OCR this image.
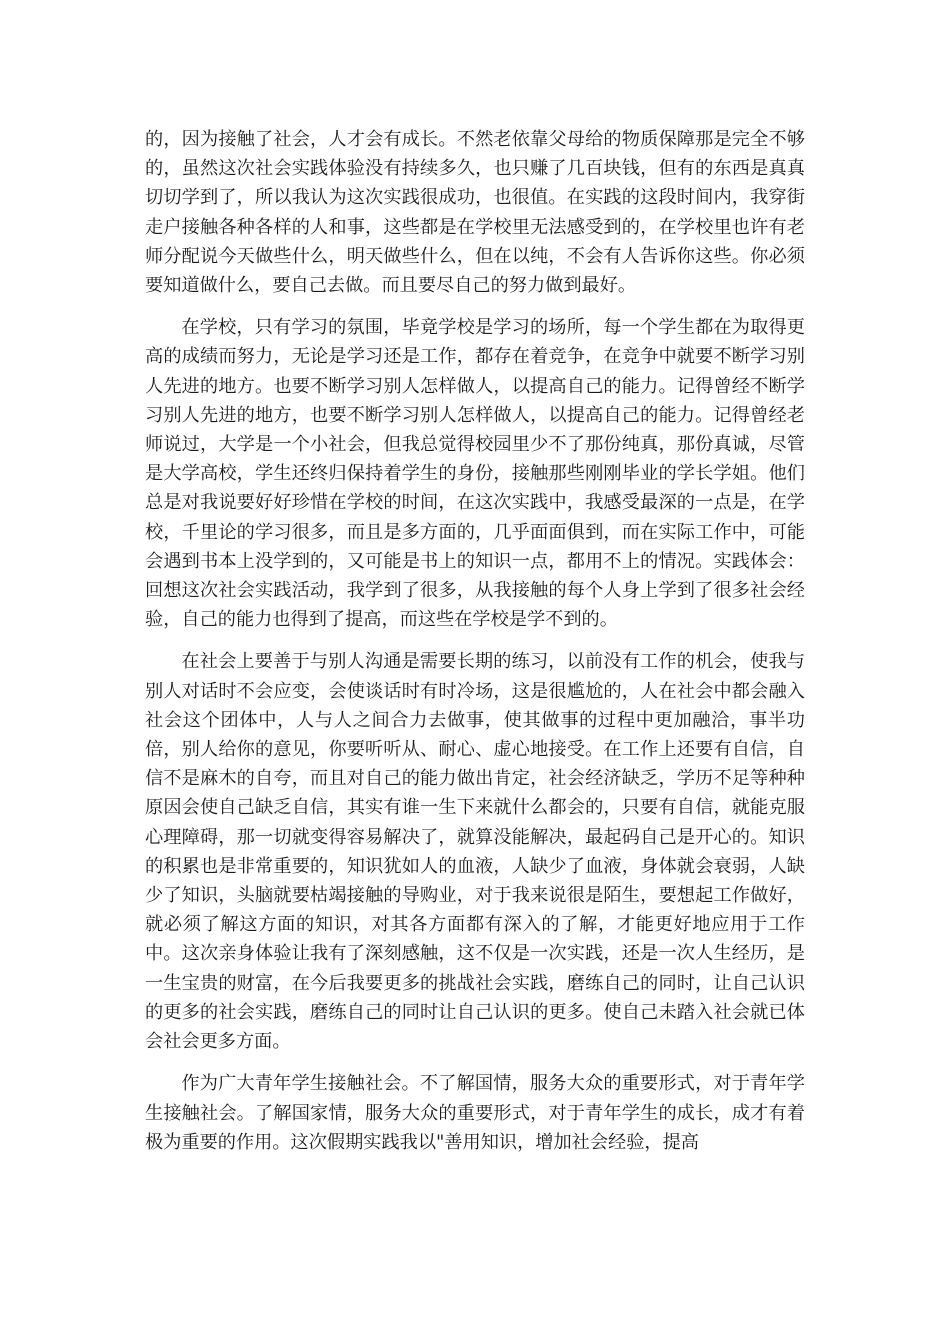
的，因为接触了社会，人才会有成长。不然老依靠父母给的物质保障那是完全不够的，虽然这次社会实践体验没有持续多久，也只赚了几百块钱，但有的东西是真真切切学到了，所以我认为这次实践很成功，也很值。在实践的这段时间内，我穿街走户接触各种各样的人和事，这些都是在学校里无法感受到的，在学校里也许有老师分配说今天做些什么，明天做些什么，但在以纯，不会有人告诉你这些。你必须要知道做什么，要自己去做。而且要尽自己的努力做到最好。

在学校，只有学习的氛围，毕竟学校是学习的场所，每一个学生都在为取得更高的成绩而努力，无论是学习还是工作，都存在着竞争，在竞争中就要不断学习别人先进的地方。也要不断学习别人怎样做人，以提高自己的能力。记得曾经不断学习别人先进的地方，也要不断学习别人怎样做人，以提高自己的能力。记得曾经老师说过，大学是一个小社会，但我总觉得校园里少不了那份纯真，那份真诚，尽管是大学高校，学生还终归保持着学生的身份，接触那些刚刚毕业的学长学姐。他们总是对我说要好好珍惜在学校的时间，在这次实践中，我感受最深的一点是，在学校，千里论的学习很多，而且是多方面的，几乎面面俱到，而在实际工作中，可能会遇到书本上没学到的，又可能是书上的知识一点，都用不上的情况。实践体会：回想这次社会实践活动，我学到了很多，从我接触的每个人身上学到了很多社会经验，自己的能力也得到了提高，而这些在学校是学不到的。

在社会上要善于与别人沟通是需要长期的练习，以前没有工作的机会，使我与别人对话时不会应变，会使谈话时有时冷场，这是很尴尬的，人在社会中都会融入社会这个团体中，人与人之间合力去做事，使其做事的过程中更加融洽，事半功倍，别人给你的意见，你要听听从、耐心、虚心地接受。在工作上还要有自信，自信不是麻木的自夸，而且对自己的能力做出肯定，社会经济缺乏，学历不足等种种原因会使自己缺乏自信，其实有谁一生下来就什么都会的，只要有自信，就能克服心理障碍，那一切就变得容易解决了，就算没能解决，最起码自己是开心的。知识的积累也是非常重要的，知识犹如人的血液，人缺少了血液，身体就会衰弱，人缺少了知识，头脑就要枯竭接触的导购业，对于我来说很是陌生，要想起工作做好，就必须了解这方面的知识，对其各方面都有深入的了解，才能更好地应用于工作中。这次亲身体验让我有了深刻感触，这不仅是一次实践，还是一次人生经历，是一生宝贵的财富，在今后我要更多的挑战社会实践，磨练自己的同时，让自己认识的更多的社会实践，磨练自己的同时让自己认识的更多。使自己未踏入社会就已体会社会更多方面。

作为广大青年学生接触社会。不了解国情，服务大众的重要形式，对于青年学生接触社会。了解国家情，服务大众的重要形式，对于青年学生的成长，成才有着极为重要的作用。这次假期实践我以"善用知识，增加社会经验，提高
